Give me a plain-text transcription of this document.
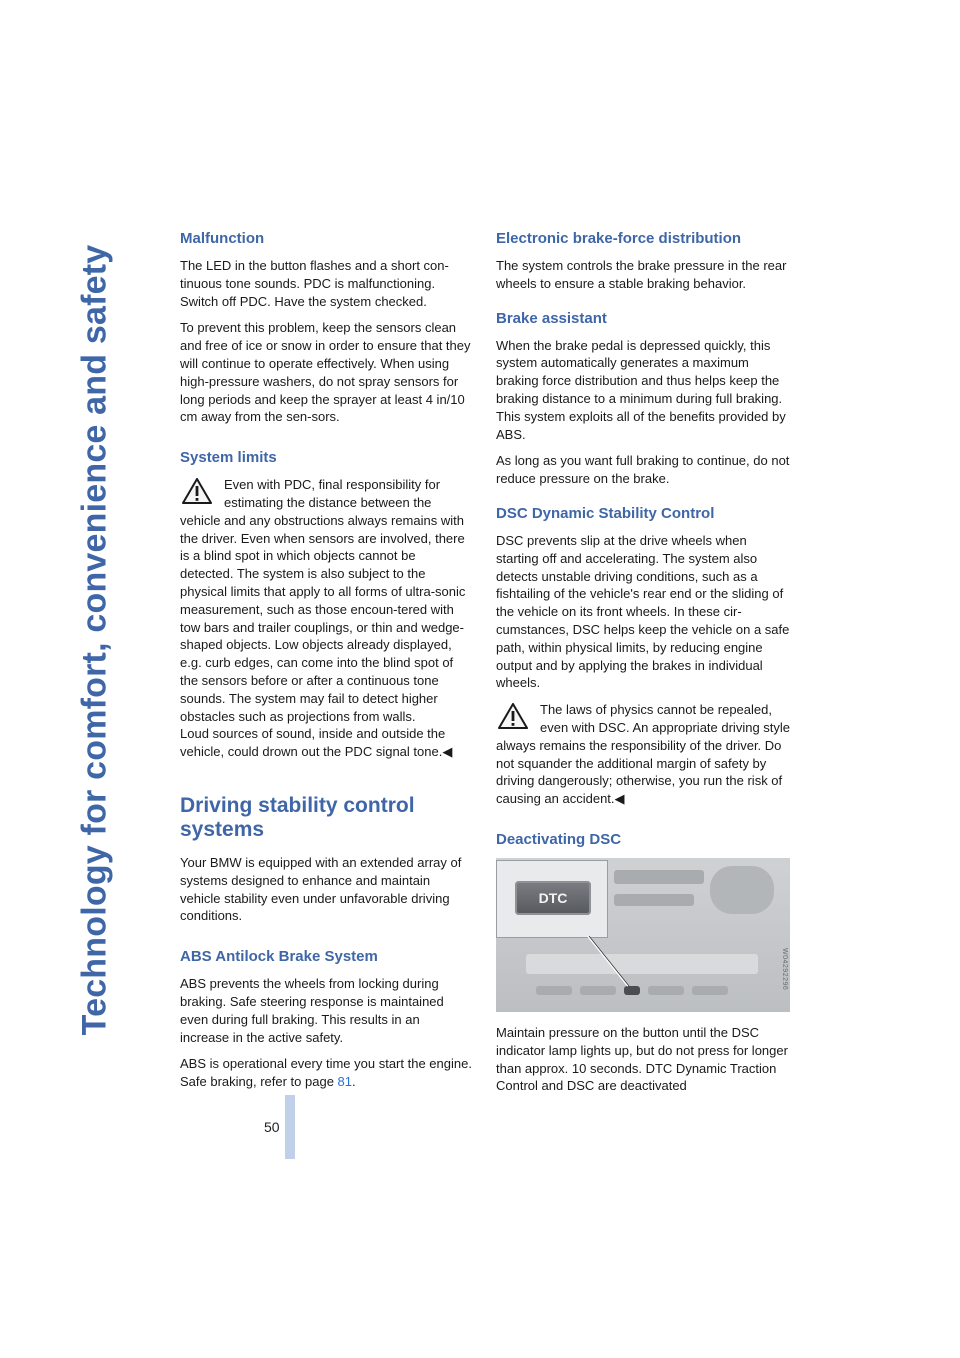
Technology for comfort, convenience and safety
Malfunction

The LED in the button flashes and a short con-tinuous tone sounds. PDC is malfunctioning. Switch off PDC. Have the system checked.

To prevent this problem, keep the sensors clean and free of ice or snow in order to ensure that they will continue to operate effectively. When using high-pressure washers, do not spray sensors for long periods and keep the sprayer at least 4 in/10 cm away from the sen-sors.

System limits

Even with PDC, final responsibility for estimating the distance between the vehicle and any obstructions always remains with the driver. Even when sensors are involved, there is a blind spot in which objects cannot be detected. The system is also subject to the physical limits that apply to all forms of ultra-sonic measurement, such as those encoun-tered with tow bars and trailer couplings, or thin and wedge-shaped objects. Low objects already displayed, e.g. curb edges, can come into the blind spot of the sensors before or after a continuous tone sounds. The system may fail to detect higher obstacles such as projections from walls.

Loud sources of sound, inside and outside the vehicle, could drown out the PDC signal tone.◀

Driving stability control systems

Your BMW is equipped with an extended array of systems designed to enhance and maintain vehicle stability even under unfavorable driving conditions.

ABS Antilock Brake System

ABS prevents the wheels from locking during braking. Safe steering response is maintained even during full braking. This results in an increase in the active safety.

ABS is operational every time you start the engine. Safe braking, refer to page 81.

Electronic brake-force distribution

The system controls the brake pressure in the rear wheels to ensure a stable braking behavior.

Brake assistant

When the brake pedal is depressed quickly, this system automatically generates a maximum braking force distribution and thus helps keep the braking distance to a minimum during full braking. This system exploits all of the benefits provided by ABS.

As long as you want full braking to continue, do not reduce pressure on the brake.

DSC Dynamic Stability Control

DSC prevents slip at the drive wheels when starting off and accelerating. The system also detects unstable driving conditions, such as a fishtailing of the vehicle's rear end or the sliding of the vehicle on its front wheels. In these cir-cumstances, DSC helps keep the vehicle on a safe path, within physical limits, by reducing engine output and by applying the brakes in individual wheels.

The laws of physics cannot be repealed, even with DSC. An appropriate driving style always remains the responsibility of the driver. Do not squander the additional margin of safety by driving dangerously; otherwise, you run the risk of causing an accident.◀

Deactivating DSC
DTC
W04292296

Maintain pressure on the button until the DSC indicator lamp lights up, but do not press for longer than approx. 10 seconds. DTC Dynamic Traction Control and DSC are deactivated

50
